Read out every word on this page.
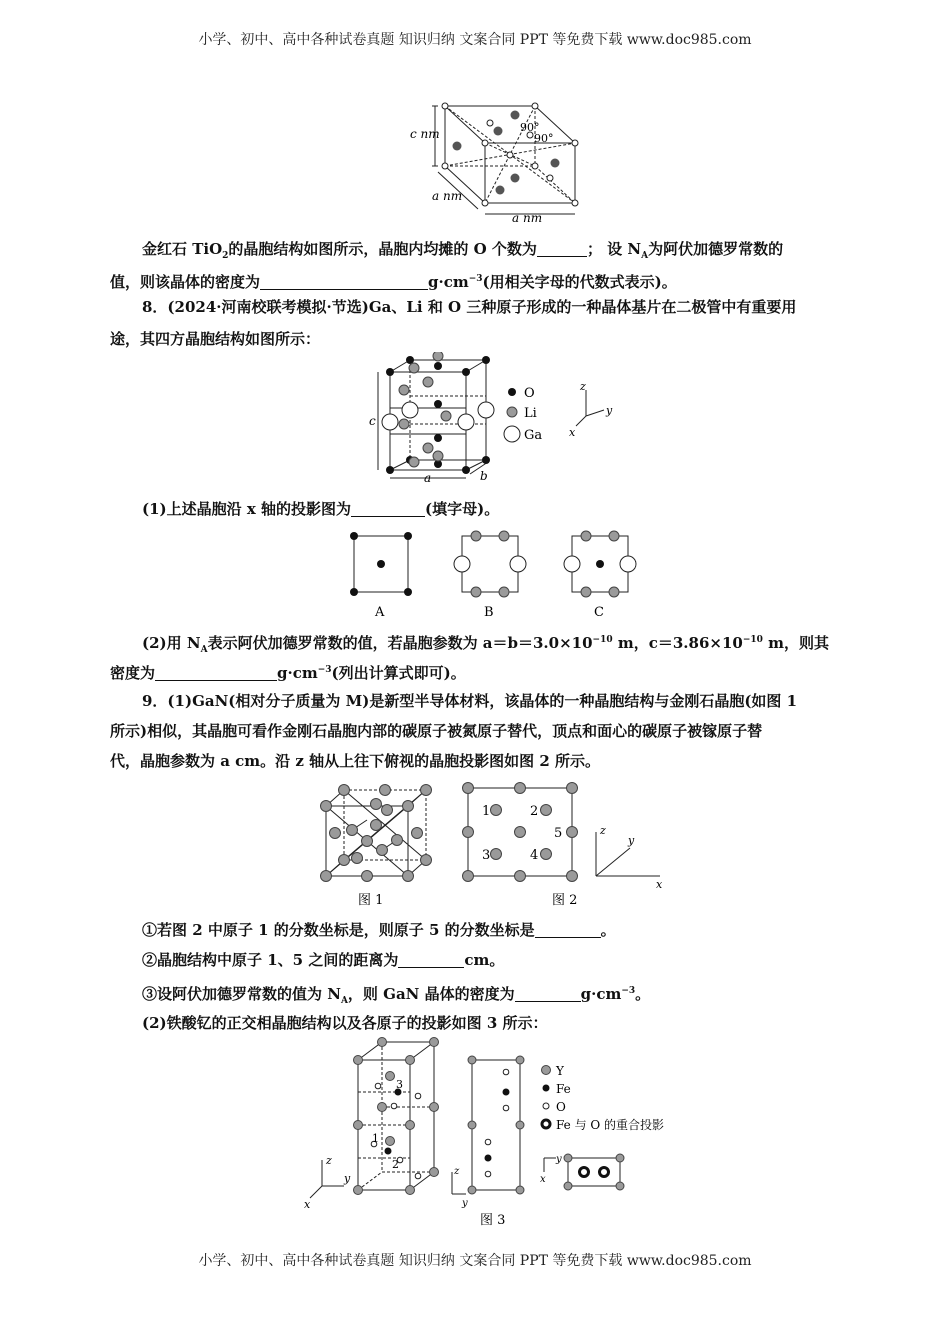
小学、初中、高中各种试卷真题 知识归纳 文案合同 PPT 等免费下载 www.doc985.com
c nm
a nm
a nm
90°
90°
金红石 TiO$_2$的晶胞结构如图所示，晶胞内均摊的 O 个数为	； 设 $N_A$为阿伏加德罗常数的
值，则该晶体的密度为	$g\cdot cm^{-3}$(用相关字母的代数式表示)。
8．(2024·河南校联考模拟·节选)Ga、Li 和 O 三种原子形成的一种晶体基片在二极管中有重要用
途，其四方晶胞结构如图所示：
c
a	b
O
Li
Ga
z
y
x
(1)上述晶胞沿 x 轴的投影图为	(填字母)。
A	B	C
(2)用 $N_A$表示阿伏加德罗常数的值，若晶胞参数为 $a=b=3.0\times 10^{-10}$ m，$c=3.86\times 10^{-10}$ m，则其
密度为	$g\cdot cm^{-3}$(列出计算式即可)。
9．(1)GaN(相对分子质量为 M)是新型半导体材料，该晶体的一种晶胞结构与金刚石晶胞(如图 1
所示)相似，其晶胞可看作金刚石晶胞内部的碳原子被氮原子替代，顶点和面心的碳原子被镓原子替
代，晶胞参数为 a cm。沿 z 轴从上往下俯视的晶胞投影图如图 2 所示。
图 1
1	2
3	4
5
图 2
z
y
x
①若图 2 中原子 1 的分数坐标是，则原子 5 的分数坐标是	。
②晶胞结构中原子 1、5 之间的距离为	cm。
③设阿伏加德罗常数的值为 $N_A$，则 GaN 晶体的密度为	$g\cdot cm^{-3}$。
(2)铁酸钇的正交相晶胞结构以及各原子的投影如图 3 所示：
3
1
2
z
y
x
z
y
Y
Fe
O
Fe 与 O 的重合投影
y
x
图 3
小学、初中、高中各种试卷真题 知识归纳 文案合同 PPT 等免费下载 www.doc985.com
